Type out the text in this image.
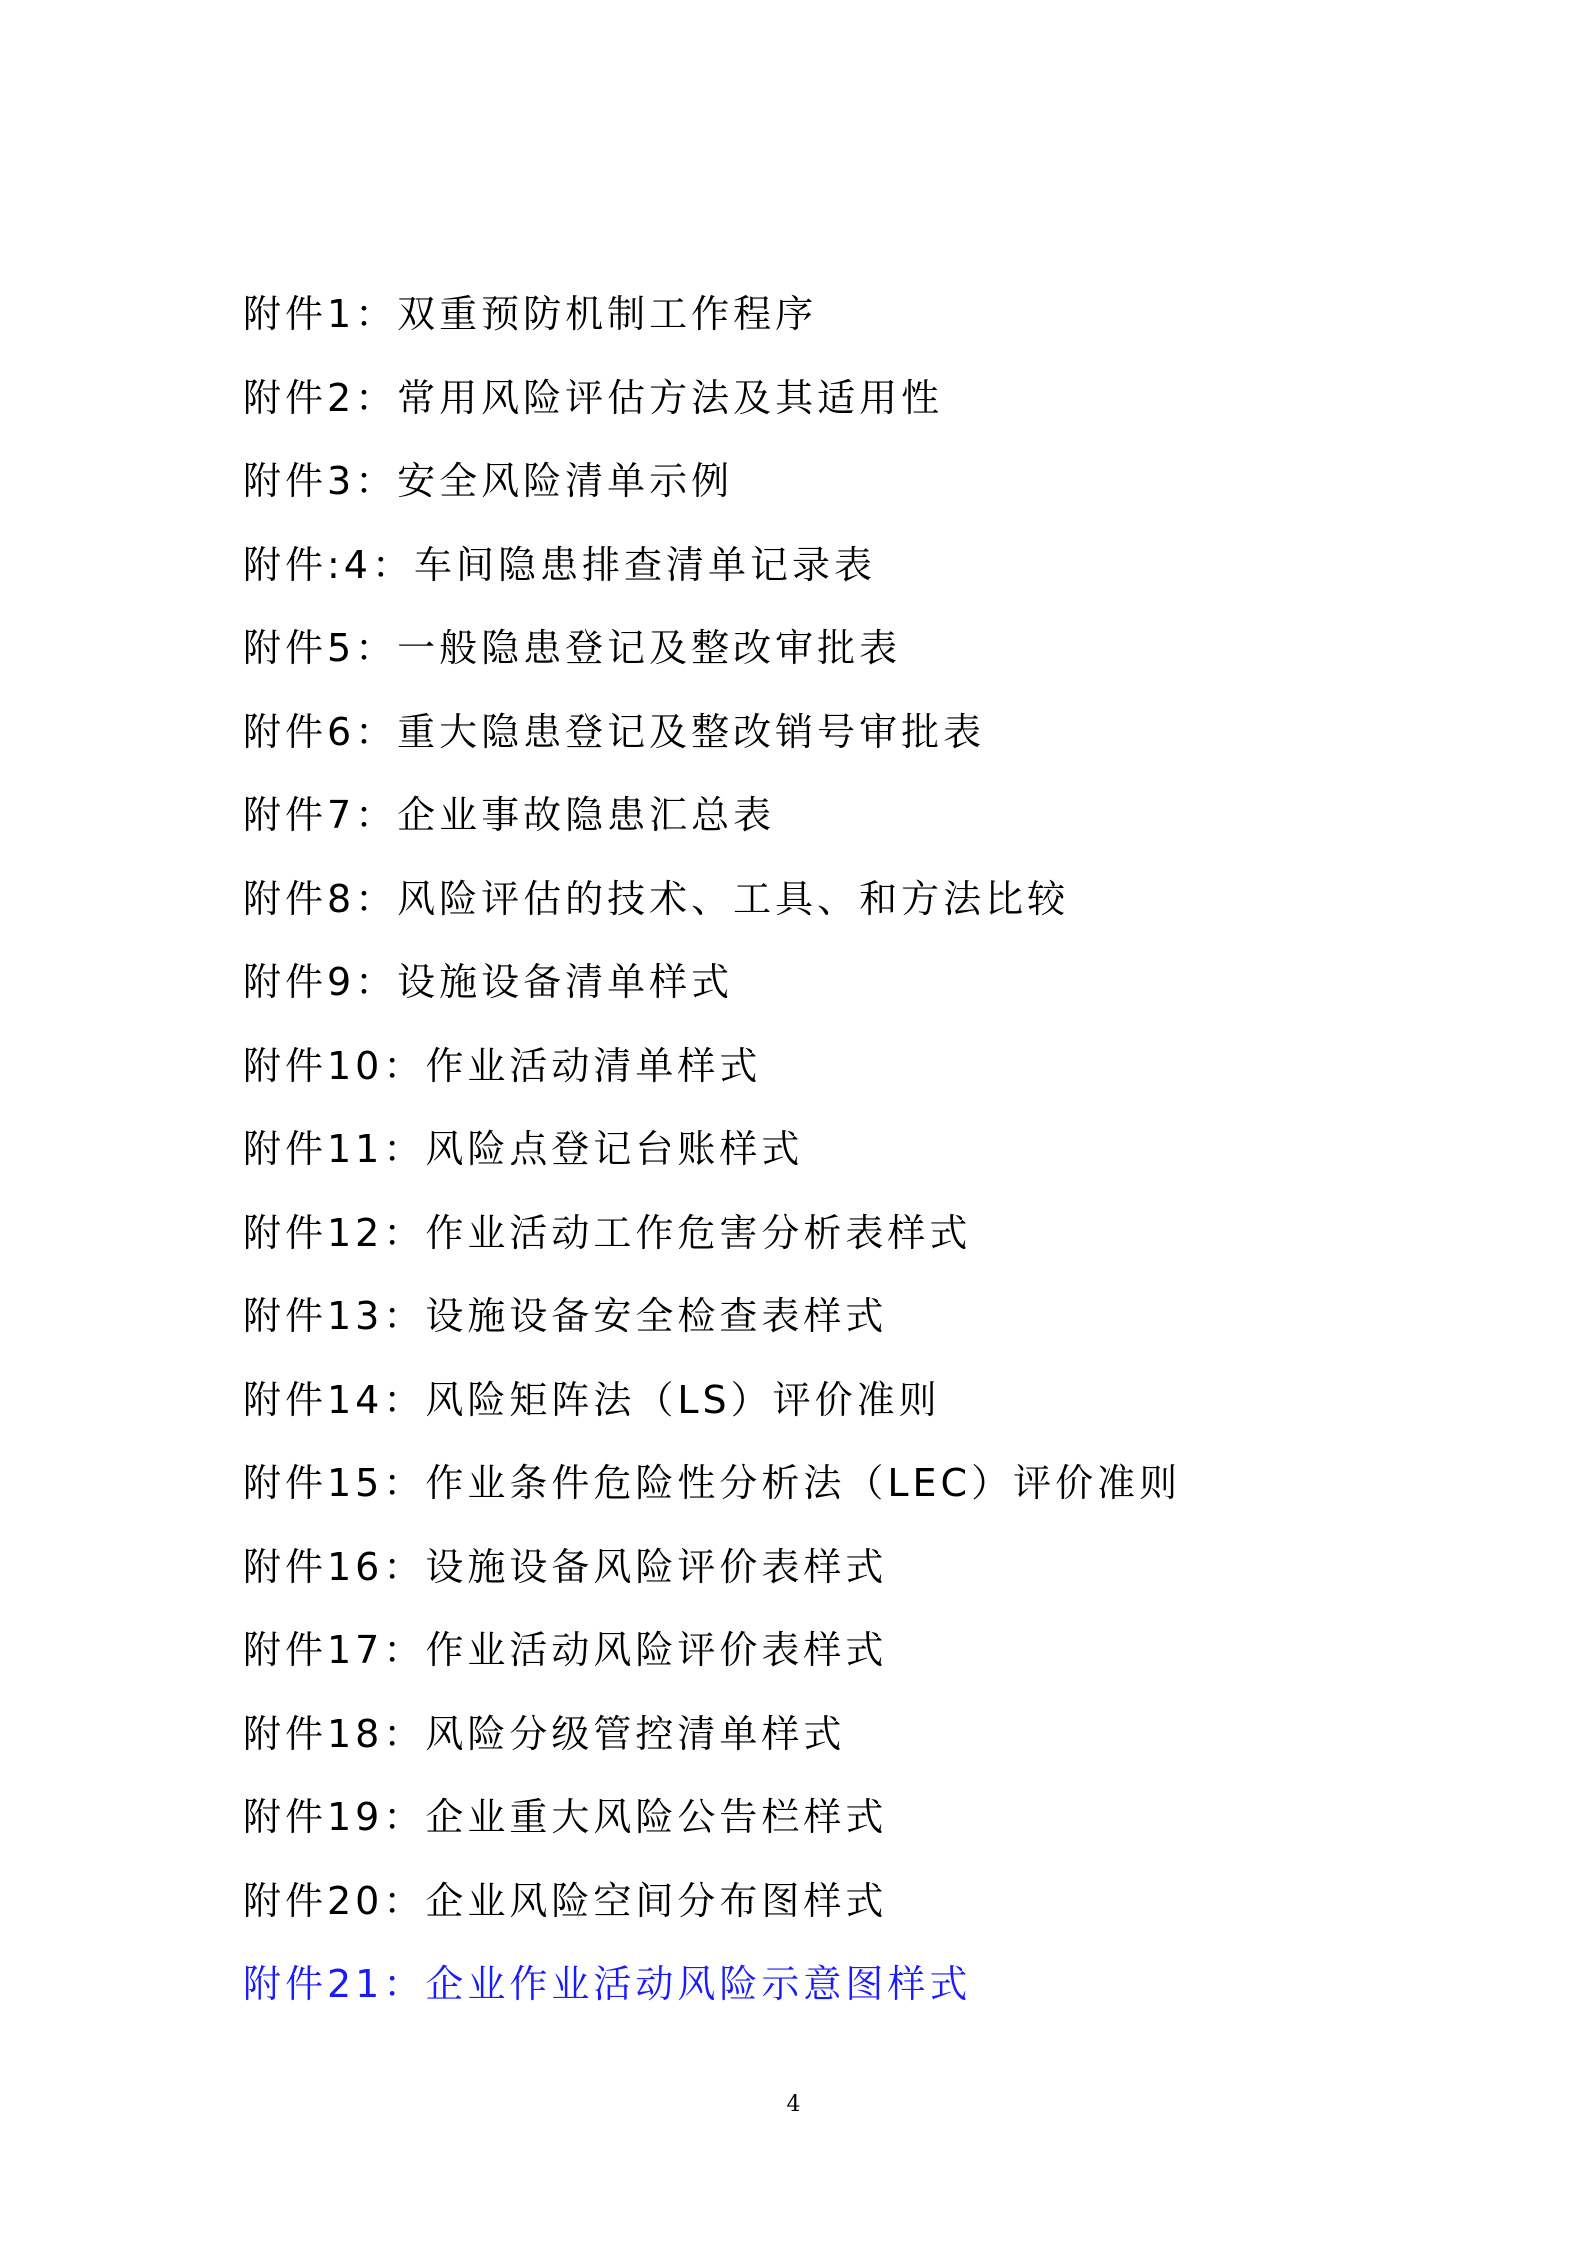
附件1：双重预防机制工作程序
附件2：常用风险评估方法及其适用性
附件3：安全风险清单示例
附件:4：车间隐患排查清单记录表
附件5：一般隐患登记及整改审批表
附件6：重大隐患登记及整改销号审批表
附件7：企业事故隐患汇总表
附件8：风险评估的技术、工具、和方法比较
附件9：设施设备清单样式
附件10：作业活动清单样式
附件11：风险点登记台账样式
附件12：作业活动工作危害分析表样式
附件13：设施设备安全检查表样式
附件14：风险矩阵法（LS）评价准则
附件15：作业条件危险性分析法（LEC）评价准则
附件16：设施设备风险评价表样式
附件17：作业活动风险评价表样式
附件18：风险分级管控清单样式
附件19：企业重大风险公告栏样式
附件20：企业风险空间分布图样式
附件21：企业作业活动风险示意图样式
4
